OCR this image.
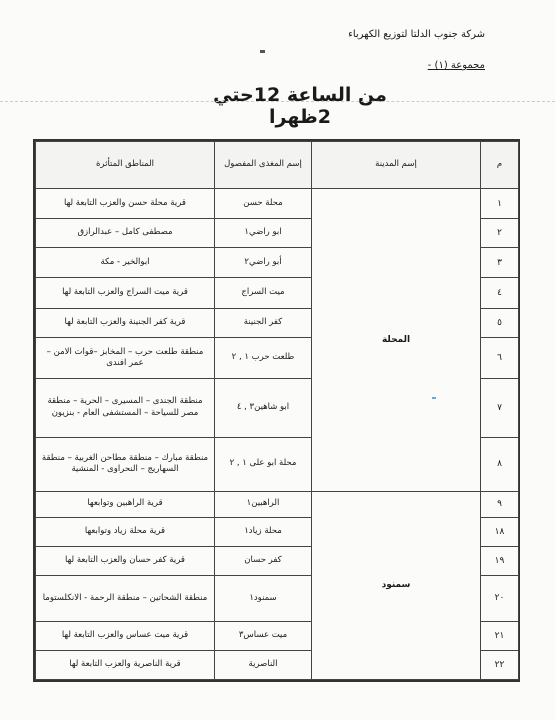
شركة جنوب الدلتا لتوزيع الكهرباء
مجموعة (١) -
من الساعة 12حتي 2ظهرا
المناطق المتأثرة	إسم المغذى المفصول	إسم المدينة	م
قرية محلة حسن والعزب التابعة لها	محلة حسن	المحلة	١
مصطفى كامل – عبدالرازق	ابو راضي١		٢
ابوالخير - مكة	أبو راضي٢		٣
قرية ميت السراج والعزب التابعة لها	ميت السراج		٤
قرية كفر الجنينة والعزب التابعة لها	كفر الجنينة		٥
منطقة طلعت حرب – المخابز –قوات الامن – عمر افندى	طلعت حرب ١ , ٢		٦
منطقة الجندى – المسيرى – الحرية – منطقة مصر للسياحة – المستشفى العام - بنزيون	ابو شاهين٣ , ٤		٧
منطقة مبارك – منطقة مطاحن الغربية – منطقة السهاريج – النحراوى - المنشية	محلة ابو على ١ , ٢		٨
قرية الراهبين وتوابعها	الراهبين١	سمنود	٩
قرية محلة زياد وتوابعها	محلة زياد١		١٨
قرية كفر حسان والعزب التابعة لها	كفر حسان		١٩
منطقة الشحاتين – منطقة الرحمة - الانكلستوما	سمنود١		٢٠
قرية ميت عساس والعزب التابعة لها	ميت عساس٣		٢١
قرية الناصرية والعزب التابعة لها	الناصرية		٢٢
